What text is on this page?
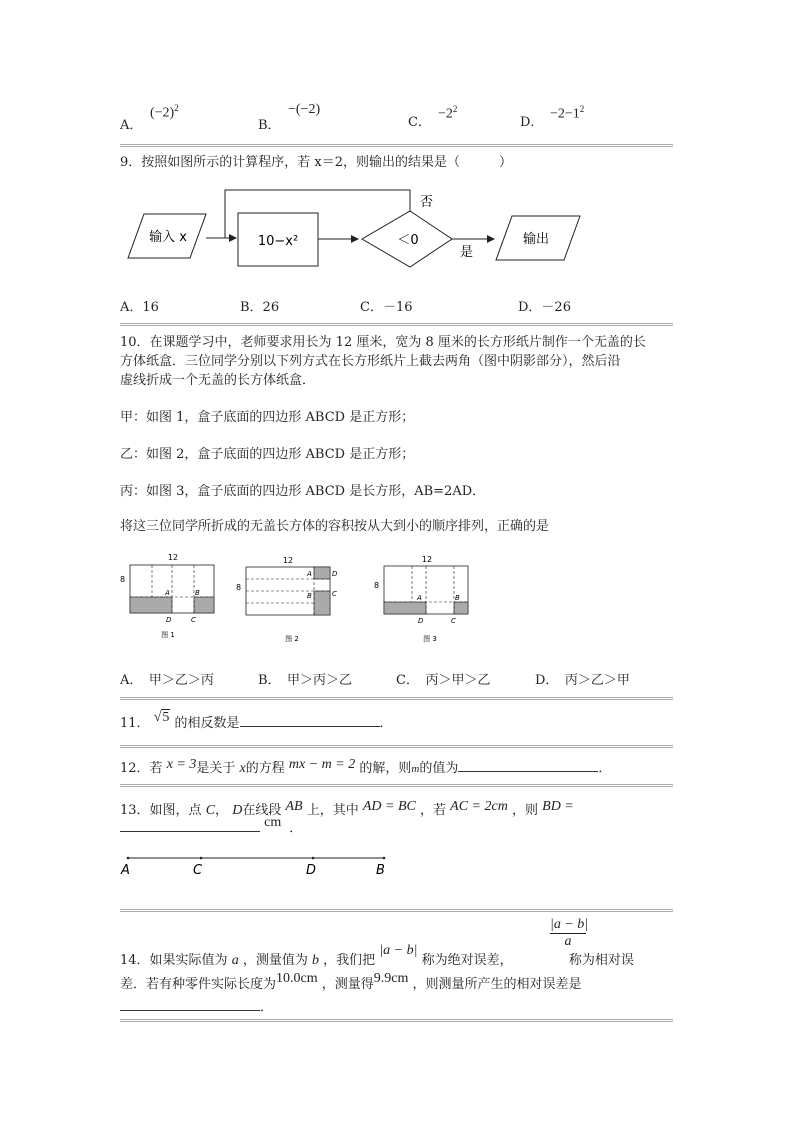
A．
$(-2)^2$
B．
−(−2)
C．
$-2^2$
D．
$-2-1^2$
9．按照如图所示的计算程序，若 x＝2，则输出的结果是（　　　）
输入 x	10−x²	＜0
否
是
输出
A．16	B．26	C．－16	D．－26
10．在课题学习中，老师要求用长为 12 厘米，宽为 8 厘米的长方形纸片制作一个无盖的长
方体纸盒．三位同学分别以下列方式在长方形纸片上截去两角（图中阴影部分），然后沿
虚线折成一个无盖的长方体纸盒．
甲：如图 1，盒子底面的四边形 ABCD 是正方形；
乙：如图 2，盒子底面的四边形 ABCD 是正方形；
丙：如图 3，盒子底面的四边形 ABCD 是长方形，AB=2AD．
将这三位同学所折成的无盖长方体的容积按从大到小的顺序排列，正确的是
12
8
A	B
D	C
图 1
12
8
A	D
B	C
图 2
12
8
A	B
D	C
图 3
A．　甲＞乙＞丙	B．　甲＞丙＞乙	C．　丙＞甲＞乙	D．　丙＞乙＞甲
11． √5 的相反数是	．
12．若 x = 3是关于 x的方程 mx − m = 2 的解，则m的值为	．
13．如图，点 C， D在线段 AB 上，其中 AD = BC ，若 AC = 2cm ，则 BD =
cm ．
A	C	D	B
|a − b|
a
14．如果实际值为 a ，测量值为 b ，我们把 |a − b| 称为绝对误差，	称为相对误
差．若有种零件实际长度为10.0cm ，测量得9.9cm ，则测量所产生的相对误差是
．
